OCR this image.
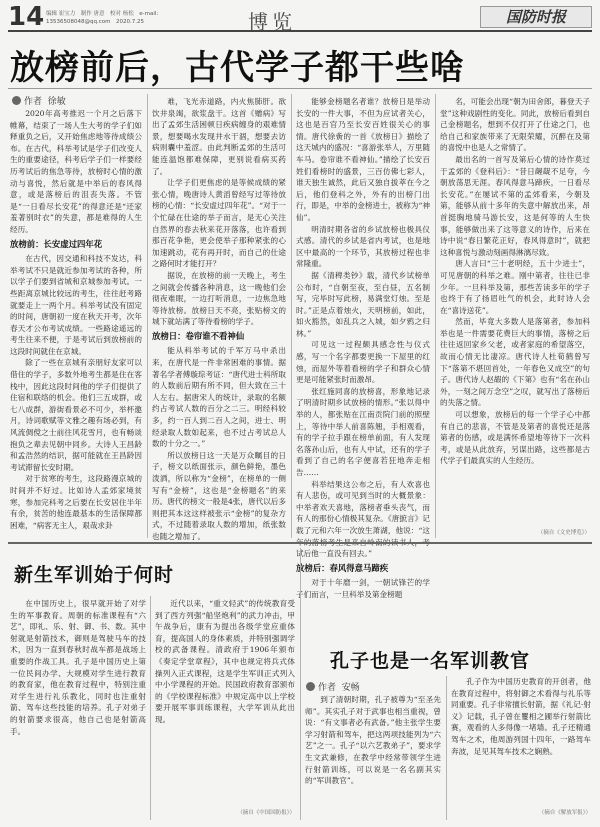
14 编辑 崔宝力　制作 唐意　校对 杨松　e-mail: 13536508048@qq.com　2020.7.25	博览	国防时报
放榜前后，古代学子都干些啥
作者 徐敏

2020年高考推迟一个月之后落下帷幕，结束了一场人生大考的学子们如释重负之后，又开始焦虑地等待成绩公布。在古代，科举考试是学子们改变人生的重要途径，科考后学子们一样要经历考试后的焦急等待，放榜时心情的激动与喜悦，然后就是中举后的春风得意，或是落榜后的沮丧失落。不管是“一日看尽长安花”的得意还是“还家羞著别时衣”的失意，都是难得的人生经历。

放榜前：长安虚过四年花

在古代，因交通和科技不发达，科举考试不只是就近参加考试的各种，所以学子们要到省城和京城参加考试。一些距离京城比较远的考生，往往赶考路就要走上一两个月。科举考试没有固定的时间，唐朝初一度在秋天开考，次年春天才公布考试成绩。一些路途遥远的考生往来不便，于是考试后到放榜前的这段时间就住在京城。

除了一些在京城有亲朋好友家可以借住的学子，多数外地考生都是住在客栈中，因此这段时间他的学子们提供了住宿和联络的机会。他们三五成群，或七八成群，游街看景必不可少，举杯邀月，诗词歌赋等文雅之趣有场必到，有风流倜傥之士前往风花雪月，也有畅谈抱负之辈去见朝中同乡。大诗人王昌龄和孟浩然的结识，据可能就在王昌龄因考试滞留长安时期。

对于贫寒的考生，这段路漫京城的时间并不好过。比如诗人孟郊家境贫寒，参加完科考之后要在长安居住半年有余，贫苦的他连最基本的生活保障都困难，“病客无主人，艰哉求卦

难，飞光赤道路，内火焦肺肝。欲饮井泉竭，欲浆盘干。这首《赠病》写出了孟郊生活困顿日疾病缠身的艰难情景，想要喝水发现井水干涸，想要去访病则囊中羞涩。由此判断孟郊的生活可能连温饱都难保障，更别说看病买药了。

让学子们更焦虑的是等候成绩的紧张心情，晚唐诗人黄滔曾经写过等待放榜的心情：“长安虚过四年花”。“对于一个忙碌在仕途的举子而言，是无心关注自然界的春去秋来花开落落，也许看到那百花争艳，更会使举子那种紧张的心加速跳动，花有再开时，而自己的仕途之路何时才能打开？

据说，在放榜的前一天晚上，考生之间就会传播各种消息，这一晚他们会彻夜难眠，一边打听消息，一边焦急地等待放榜。放榜日天不亮，张贴榜文的城下就站满了等待看榜的学子。

放榜日：卷帘谁不看神仙

能从科举考试的千军万马中杀出来，在唐代是一件非常困难的事情。据著名学者傅璇琮考证：“唐代进士科所取的人数前后期有所不同，但大致在三十人左右。据唐宋人的统计，录取的名额约占考试人数的百分之二三。明经科较多，约一百人到二百人之间，进士、明经录取人数如起来，也不过占考试总人数的十分之一。”

所以放榜日这一天是万众瞩目的日子，榜文以纸面张示，颜色鲜艳，墨色泼洒，所以称为“金榜”，在榜单的一侧写有“金榜”，这也是“金榜题名”的来历。唐代的榜文一般是4张，唐代以后多则把其本这这样被张示“金榜”的复杂方式，不过随着录取人数的增加，纸张数也随之增加了。

能够金榜题名者谁？放榜日是举动长安的一件大事，不但为应试者关心，这也是百官乃至长安百姓很关心的事情。唐代徐夤的一首《放榜日》描绘了这天城内的盛况：“喜游张举人，万里随车马。卷帘谁不看神仙。”描绘了长安百姓们看榜时的盛景，三百仿佛七彩人，谁天独生诚然，此后又独自拔萃在今之后，他们登科之外，外有的出榜门出行，即是，中举的金榜进士，被称为“神仙”。

明清时期各省的乡试放榜也极具仪式感。清代的乡试是省内考试，也是地区中最高的一个环节，其放榜过程也非常隆重。

据《清稗类钞》载，清代乡试榜单公布时，“自朝至夜，至白昼，五名制写，完毕时写此榜，易满堂灯烛。至是时。”正是点着烛火，天明榜前，如此，如火豁然，如乱兵之入城，如夕鸦之归林。”

可见这一过程颇具感念性与仪式感，写一个名字都要更换一下屋里的红烛，而屋外等着看榜的学子和群众心情更是可能紧张时而激昂。

张红施同喜的放榜喜，形象地记录了明清时期乡试放榜的情形。”张以得中举的人，都张贴在江南贡院门前的照壁上，等待中举人前喜陈翘，手相观看，有的学子拉手跟在榜单前面，有人发现名落孙山后，也有人中试，还有的学子看到了自己的名字便喜若狂地奔走相告……

科举结果这公布之后，有人欢喜也有人悲伤，或可见到当时的大概景象：中举者欢天喜地，落榜者垂头丧气，而有人的那份心情极其复杂。《唐摭言》记载了元和六年一次放生萧湖，他说：“这年的落榜考生是来自岭南的读书人，考试后他一直没有回去。”

放榜后：春风得意马蹄疾

对于十年磨一剑，一朝试锋芒的学子们而言，一旦科举及第金榜题

名，可能会出现“朝为田舍郎，暮登天子堂”这种戏剧性的变化。同此，放榜后看到自己金榜题名，想到不仅打开了仕途之门，也给自己和家族带来了无限荣耀，沉醉在及第的喜悦中也是人之常情了。

最出名的一首写及第后心情的诗作莫过于孟郊的《登科后》：“昔日龌龊不足夸，今朝放荡思无涯。春风得意马蹄疾，一日看尽长安花。”在屡试不第的孟郊看来，今朝及第，能够从前十多年的失意中解放出来，昂首挺胸地骑马游长安，这是何等的人生快事，能够做出来了这等意义的诗作，后来在诗中说“春日繁花正好，春风得意时”，就把这种喜悦与激动刻画得淋漓尽致。

唐人言曰“三十老明经，五十少进士”，可见唐朝的科举之难。刚中第者，往往已非少年。一旦科举及第，那些苦读多年的学子也终于有了扬眉吐气的机会，此时诗人会在“喜诗送花”。

然而，毕竟大多数人是落第者，参加科举也是一件需要花费巨大的事情，落榜之后往往返回家乡父老，或者家庭的希望落空，故而心情无比凄凉。唐代诗人杜荀鹤曾写下“落第不堪回首处，一年春色又成空”的句子。唐代诗人赵嘏的《下第》也有“名在孙山外，一刻之间万念空”之叹，就写出了落榜后的失落之情。

可以想象，放榜后的每一个学子心中都有自己的悲喜，不管是及第者的喜悦还是落第者的伤感，或是满怀希望地等待下一次科考，或是从此放弃，另谋出路，这些都是古代学子们最真实的人生经历。

（摘自《文史博览》）

新生军训始于何时

在中国历史上，很早就开始了对学生的军事教育。周朝的标准课程有“六艺”，即礼、乐、射、御、书、数。其中射就是射箭技术，御则是驾驶马车的技术，因为一直到春秋时战车都是战场上重要的作战工具。孔子是中国历史上第一位民间办学、大规模对学生进行教育的教育家，他在教育过程中，特别注重对学生进行礼乐教化，同时也注重射箭、驾车这些技能的培养。孔子对弟子的射箭要求很高，他自己也是射箭高手。

近代以来，“重文轻武”的传统教育受到了西方列强“船坚炮利”的武力冲击，甲午战争后，康有为提出各级学堂应重体育，提高国人的身体素质，并特别强调学校的武备课程。清政府于1906年颁布《奏定学堂章程》，其中也规定将兵式体操列入正式课程，这是学生军训正式列入中小学课程的开始。民国政府教育部颁布的《学校课程标准》中规定高中以上学校要开展军事训练课程，大学军训从此出现。

（摘自《中国国防报》）

孔子也是一名军训教官
作者 安畅

到了清朝时期，孔子被尊为“至圣先师”。其实孔子对于武事也相当重视，曾说：“有文事者必有武备。”他主张学生要学习射箭和驾车，把这两项技能列为“六艺”之一。孔子“以六艺教弟子”，要求学生文武兼修，在教学中经常带领学生进行射箭训练，可以说是一名名副其实的“军训教官”。

孔子作为中国历史教育的开创者，他在教育过程中，将射御之术看得与礼乐等同重要。孔子非常擅长射箭，据《礼记·射义》记载，孔子曾在矍相之圃举行射箭比赛，观看的人多得像一堵墙。孔子还精通驾车之术，他周游列国十四年，一路驾车奔波，足见其驾车技术之娴熟。

（摘自《解放军报》）
